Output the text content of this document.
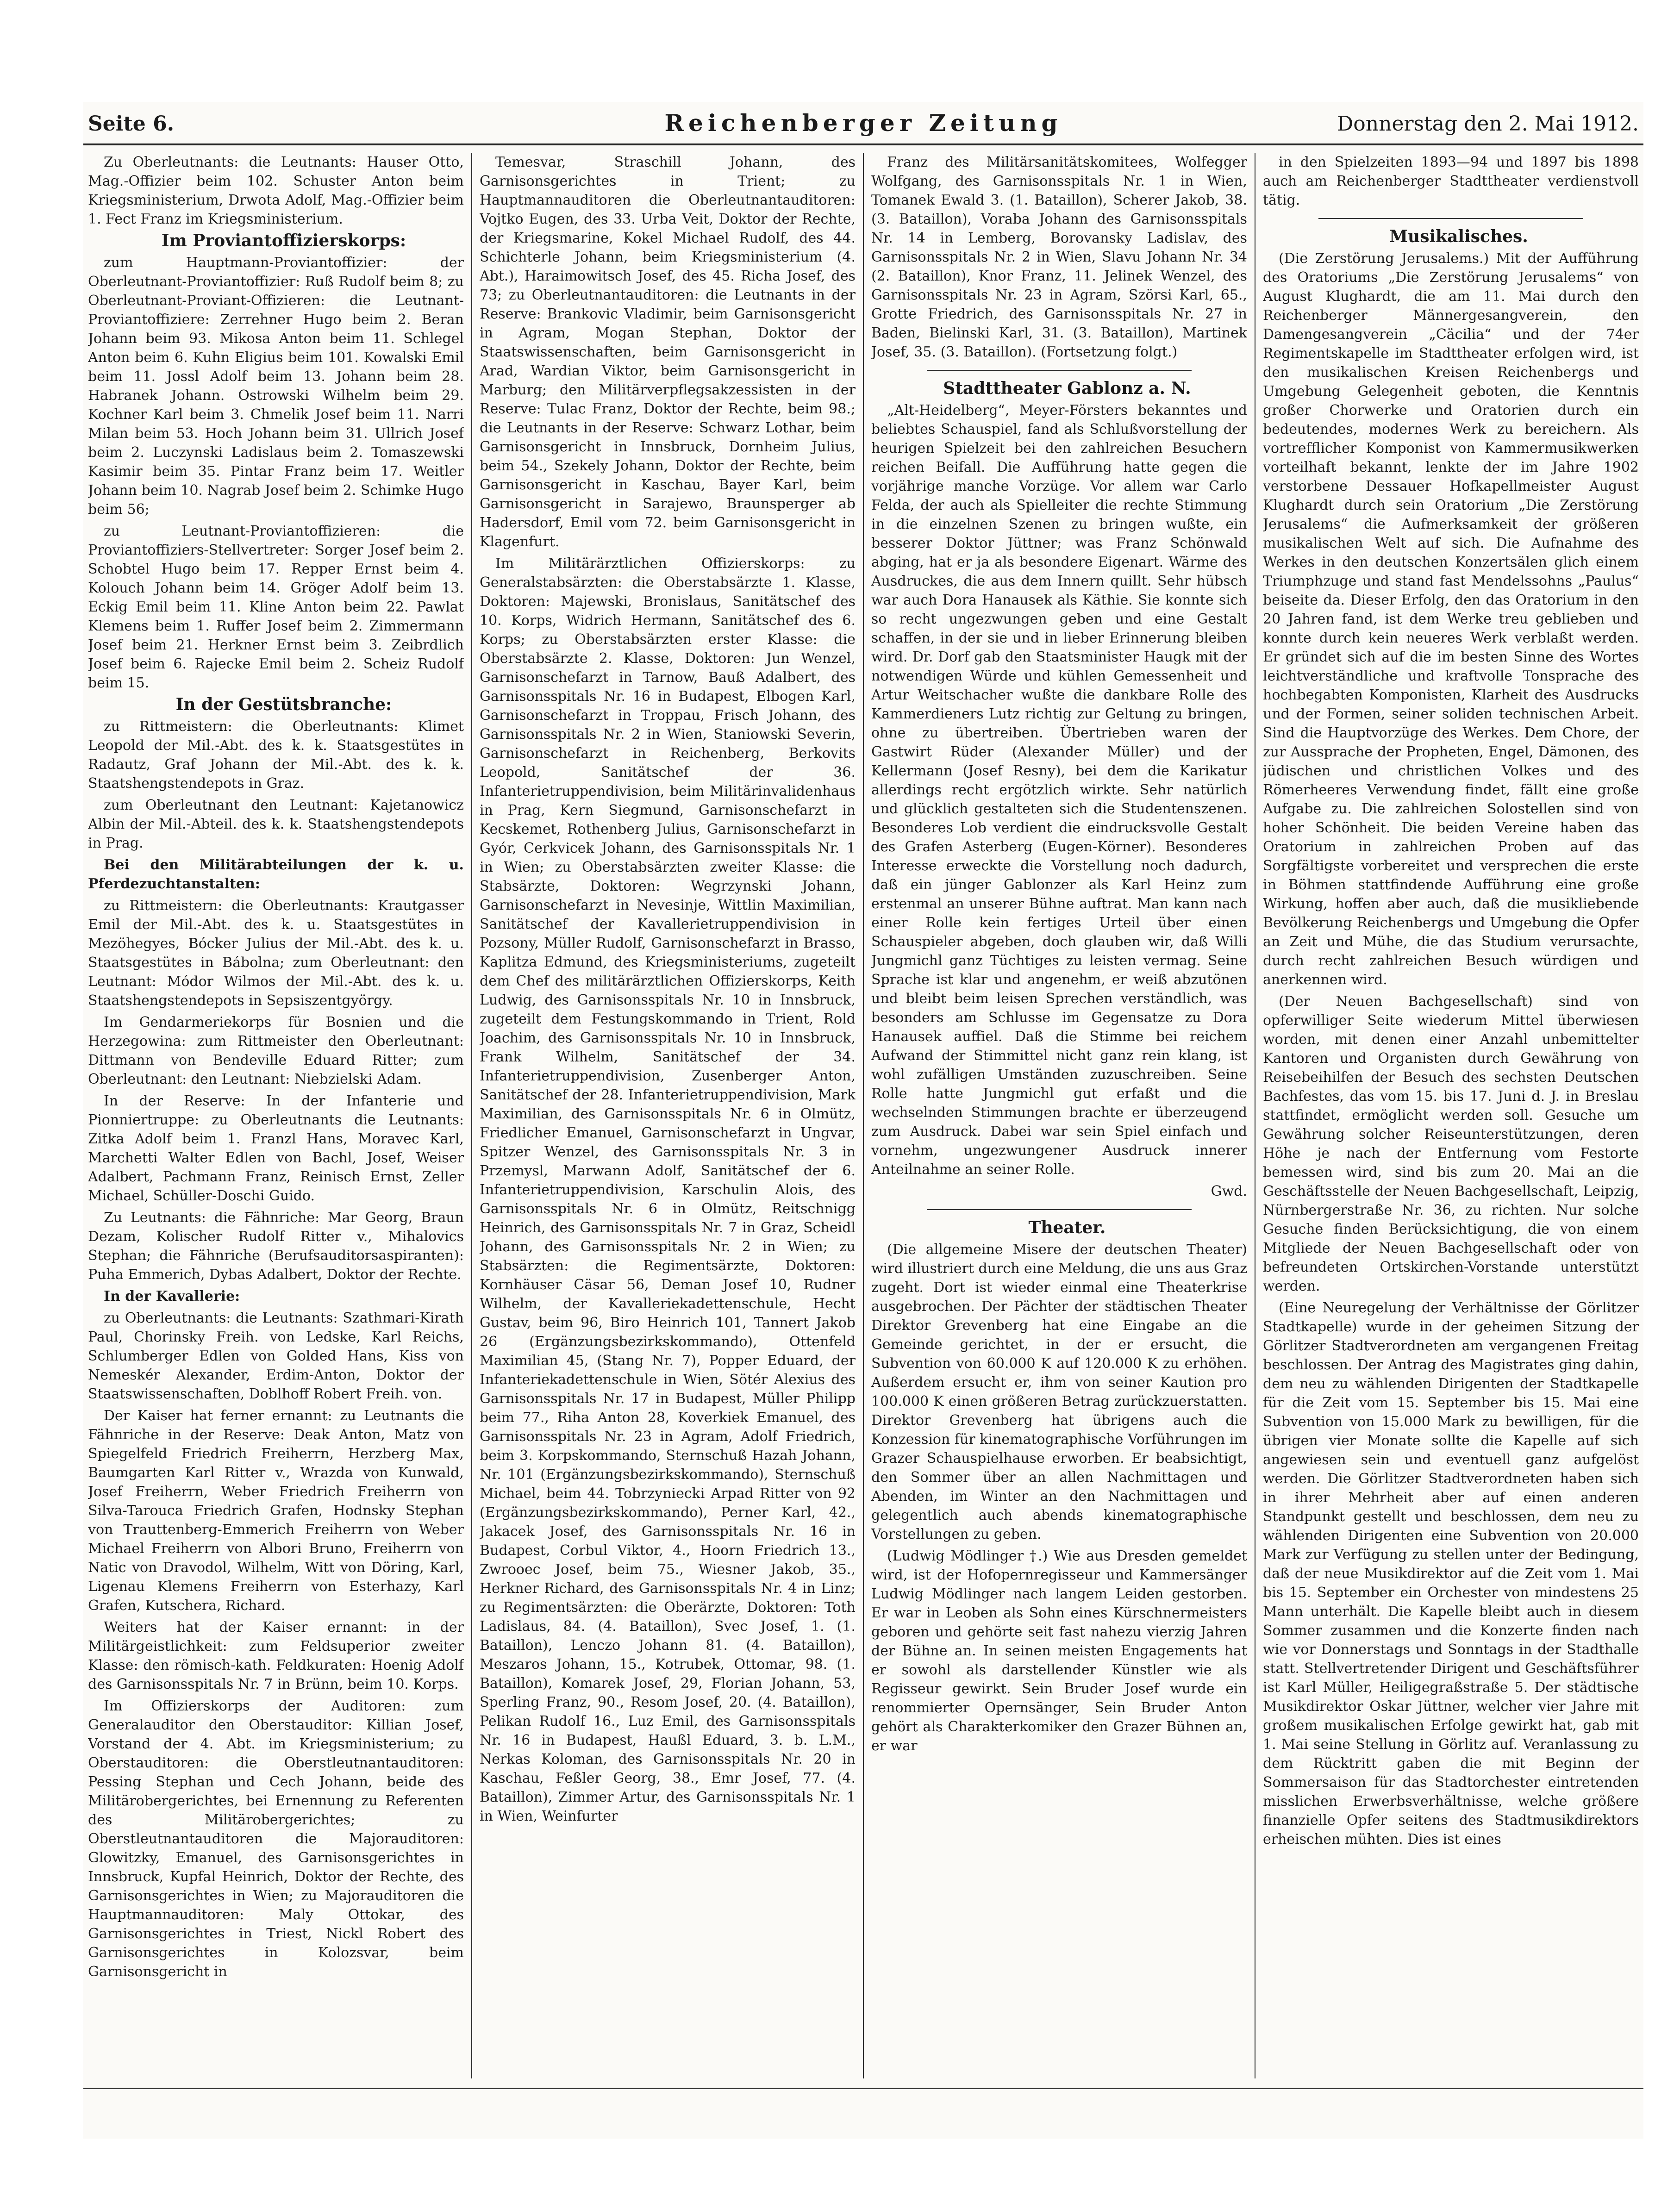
Seite 6.	Reichenberger Zeitung	Donnerstag den 2. Mai 1912.

Zu Oberleutnants: die Leutnants: Hauser Otto, Mag.-Offizier beim 102. Schuster Anton beim Kriegsministerium, Drwota Adolf, Mag.-Offizier beim 1. Fect Franz im Kriegsministerium.

Im Proviantoffizierskorps:

zum Hauptmann-Proviantoffizier: der Oberleutnant-Proviantoffizier: Ruß Rudolf beim 8; zu Oberleutnant-Proviant-Offizieren: die Leutnant-Proviantoffiziere: Zerrehner Hugo beim 2. Beran Johann beim 93. Mikosa Anton beim 11. Schlegel Anton beim 6. Kuhn Eligius beim 101. Kowalski Emil beim 11. Jossl Adolf beim 13. Johann beim 28. Habranek Johann. Ostrowski Wilhelm beim 29. Kochner Karl beim 3. Chmelik Josef beim 11. Narri Milan beim 53. Hoch Johann beim 31. Ullrich Josef beim 2. Luczynski Ladislaus beim 2. Tomaszewski Kasimir beim 35. Pintar Franz beim 17. Weitler Johann beim 10. Nagrab Josef beim 2. Schimke Hugo beim 56;

zu Leutnant-Proviantoffizieren: die Proviantoffiziers-Stellvertreter: Sorger Josef beim 2. Schobtel Hugo beim 17. Repper Ernst beim 4. Kolouch Johann beim 14. Gröger Adolf beim 13. Eckig Emil beim 11. Kline Anton beim 22. Pawlat Klemens beim 1. Ruffer Josef beim 2. Zimmermann Josef beim 21. Herkner Ernst beim 3. Zeibrdlich Josef beim 6. Rajecke Emil beim 2. Scheiz Rudolf beim 15.

In der Gestütsbranche:

zu Rittmeistern: die Oberleutnants: Klimet Leopold der Mil.-Abt. des k. k. Staatsgestütes in Radautz, Graf Johann der Mil.-Abt. des k. k. Staatshengstendepots in Graz.

zum Oberleutnant den Leutnant: Kajetanowicz Albin der Mil.-Abteil. des k. k. Staatshengstendepots in Prag.

Bei den Militärabteilungen der k. u. Pferdezuchtanstalten:

zu Rittmeistern: die Oberleutnants: Krautgasser Emil der Mil.-Abt. des k. u. Staatsgestütes in Mezöhegyes, Bócker Julius der Mil.-Abt. des k. u. Staatsgestütes in Bábolna; zum Oberleutnant: den Leutnant: Módor Wilmos der Mil.-Abt. des k. u. Staatshengstendepots in Sepsiszentgyörgy.

Im Gendarmeriekorps für Bosnien und die Herzegowina: zum Rittmeister den Oberleutnant: Dittmann von Bendeville Eduard Ritter; zum Oberleutnant: den Leutnant: Niebzielski Adam.

In der Reserve: In der Infanterie und Pionniertruppe: zu Oberleutnants die Leutnants: Zitka Adolf beim 1. Franzl Hans, Moravec Karl, Marchetti Walter Edlen von Bachl, Josef, Weiser Adalbert, Pachmann Franz, Reinisch Ernst, Zeller Michael, Schüller-Doschi Guido.

Zu Leutnants: die Fähnriche: Mar Georg, Braun Dezam, Kolischer Rudolf Ritter v., Mihalovics Stephan; die Fähnriche (Berufsauditorsaspiranten): Puha Emmerich, Dybas Adalbert, Doktor der Rechte.

In der Kavallerie:

zu Oberleutnants: die Leutnants: Szathmari-Kirath Paul, Chorinsky Freih. von Ledske, Karl Reichs, Schlumberger Edlen von Golded Hans, Kiss von Nemeskér Alexander, Erdim-Anton, Doktor der Staatswissenschaften, Doblhoff Robert Freih. von.

Der Kaiser hat ferner ernannt: zu Leutnants die Fähnriche in der Reserve: Deak Anton, Matz von Spiegelfeld Friedrich Freiherrn, Herzberg Max, Baumgarten Karl Ritter v., Wrazda von Kunwald, Josef Freiherrn, Weber Friedrich Freiherrn von Silva-Tarouca Friedrich Grafen, Hodnsky Stephan von Trauttenberg-Emmerich Freiherrn von Weber Michael Freiherrn von Albori Bruno, Freiherrn von Natic von Dravodol, Wilhelm, Witt von Döring, Karl, Ligenau Klemens Freiherrn von Esterhazy, Karl Grafen, Kutschera, Richard.

Weiters hat der Kaiser ernannt: in der Militärgeistlichkeit: zum Feldsuperior zweiter Klasse: den römisch-kath. Feldkuraten: Hoenig Adolf des Garnisonsspitals Nr. 7 in Brünn, beim 10. Korps.

Im Offizierskorps der Auditoren: zum Generalauditor den Oberstauditor: Killian Josef, Vorstand der 4. Abt. im Kriegsministerium; zu Oberstauditoren: die Oberstleutnantauditoren: Pessing Stephan und Cech Johann, beide des Militärobergerichtes, bei Ernennung zu Referenten des Militärobergerichtes; zu Oberstleutnantauditoren die Majorauditoren: Glowitzky, Emanuel, des Garnisonsgerichtes in Innsbruck, Kupfal Heinrich, Doktor der Rechte, des Garnisonsgerichtes in Wien; zu Majorauditoren die Hauptmannauditoren: Maly Ottokar, des Garnisonsgerichtes in Triest, Nickl Robert des Garnisonsgerichtes in Kolozsvar, beim Garnisonsgericht in

Temesvar, Straschill Johann, des Garnisonsgerichtes in Trient; zu Hauptmannauditoren die Oberleutnantauditoren: Vojtko Eugen, des 33. Urba Veit, Doktor der Rechte, der Kriegsmarine, Kokel Michael Rudolf, des 44. Schichterle Johann, beim Kriegsministerium (4. Abt.), Haraimowitsch Josef, des 45. Richa Josef, des 73; zu Oberleutnantauditoren: die Leutnants in der Reserve: Brankovic Vladimir, beim Garnisonsgericht in Agram, Mogan Stephan, Doktor der Staatswissenschaften, beim Garnisonsgericht in Arad, Wardian Viktor, beim Garnisonsgericht in Marburg; den Militärverpflegsakzessisten in der Reserve: Tulac Franz, Doktor der Rechte, beim 98.; die Leutnants in der Reserve: Schwarz Lothar, beim Garnisonsgericht in Innsbruck, Dornheim Julius, beim 54., Szekely Johann, Doktor der Rechte, beim Garnisonsgericht in Kaschau, Bayer Karl, beim Garnisonsgericht in Sarajewo, Braunsperger ab Hadersdorf, Emil vom 72. beim Garnisonsgericht in Klagenfurt.

Im Militärärztlichen Offizierskorps: zu Generalstabsärzten: die Oberstabsärzte 1. Klasse, Doktoren: Majewski, Bronislaus, Sanitätschef des 10. Korps, Widrich Hermann, Sanitätschef des 6. Korps; zu Oberstabsärzten erster Klasse: die Oberstabsärzte 2. Klasse, Doktoren: Jun Wenzel, Garnisonschefarzt in Tarnow, Bauß Adalbert, des Garnisonsspitals Nr. 16 in Budapest, Elbogen Karl, Garnisonschefarzt in Troppau, Frisch Johann, des Garnisonsspitals Nr. 2 in Wien, Staniowski Severin, Garnisonschefarzt in Reichenberg, Berkovits Leopold, Sanitätschef der 36. Infanterietruppendivision, beim Militärinvalidenhaus in Prag, Kern Siegmund, Garnisonschefarzt in Kecskemet, Rothenberg Julius, Garnisonschefarzt in Gyór, Cerkvicek Johann, des Garnisonsspitals Nr. 1 in Wien; zu Oberstabsärzten zweiter Klasse: die Stabsärzte, Doktoren: Wegrzynski Johann, Garnisonschefarzt in Nevesinje, Wittlin Maximilian, Sanitätschef der Kavallerietruppendivision in Pozsony, Müller Rudolf, Garnisonschefarzt in Brasso, Kaplitza Edmund, des Kriegsministeriums, zugeteilt dem Chef des militärärztlichen Offizierskorps, Keith Ludwig, des Garnisonsspitals Nr. 10 in Innsbruck, zugeteilt dem Festungskommando in Trient, Rold Joachim, des Garnisonsspitals Nr. 10 in Innsbruck, Frank Wilhelm, Sanitätschef der 34. Infanterietruppendivision, Zusenberger Anton, Sanitätschef der 28. Infanterietruppendivision, Mark Maximilian, des Garnisonsspitals Nr. 6 in Olmütz, Friedlicher Emanuel, Garnisonschefarzt in Ungvar, Spitzer Wenzel, des Garnisonsspitals Nr. 3 in Przemysl, Marwann Adolf, Sanitätschef der 6. Infanterietruppendivision, Karschulin Alois, des Garnisonsspitals Nr. 6 in Olmütz, Reitschnigg Heinrich, des Garnisonsspitals Nr. 7 in Graz, Scheidl Johann, des Garnisonsspitals Nr. 2 in Wien; zu Stabsärzten: die Regimentsärzte, Doktoren: Kornhäuser Cäsar 56, Deman Josef 10, Rudner Wilhelm, der Kavalleriekadettenschule, Hecht Gustav, beim 96, Biro Heinrich 101, Tannert Jakob 26 (Ergänzungsbezirkskommando), Ottenfeld Maximilian 45, (Stang Nr. 7), Popper Eduard, der Infanteriekadettenschule in Wien, Sötér Alexius des Garnisonsspitals Nr. 17 in Budapest, Müller Philipp beim 77., Riha Anton 28, Koverkiek Emanuel, des Garnisonsspitals Nr. 23 in Agram, Adolf Friedrich, beim 3. Korpskommando, Sternschuß Hazah Johann, Nr. 101 (Ergänzungsbezirkskommando), Sternschuß Michael, beim 44. Tobrzyniecki Arpad Ritter von 92 (Ergänzungsbezirkskommando), Perner Karl, 42., Jakacek Josef, des Garnisonsspitals Nr. 16 in Budapest, Corbul Viktor, 4., Hoorn Friedrich 13., Zwrooec Josef, beim 75., Wiesner Jakob, 35., Herkner Richard, des Garnisonsspitals Nr. 4 in Linz; zu Regimentsärzten: die Oberärzte, Doktoren: Toth Ladislaus, 84. (4. Bataillon), Svec Josef, 1. (1. Bataillon), Lenczo Johann 81. (4. Bataillon), Meszaros Johann, 15., Kotrubek, Ottomar, 98. (1. Bataillon), Komarek Josef, 29, Florian Johann, 53, Sperling Franz, 90., Resom Josef, 20. (4. Bataillon), Pelikan Rudolf 16., Luz Emil, des Garnisonsspitals Nr. 16 in Budapest, Haußl Eduard, 3. b. L.M., Nerkas Koloman, des Garnisonsspitals Nr. 20 in Kaschau, Feßler Georg, 38., Emr Josef, 77. (4. Bataillon), Zimmer Artur, des Garnisonsspitals Nr. 1 in Wien, Weinfurter

Franz des Militärsanitätskomitees, Wolfegger Wolfgang, des Garnisonsspitals Nr. 1 in Wien, Tomanek Ewald 3. (1. Bataillon), Scherer Jakob, 38. (3. Bataillon), Voraba Johann des Garnisonsspitals Nr. 14 in Lemberg, Borovansky Ladislav, des Garnisonsspitals Nr. 2 in Wien, Slavu Johann Nr. 34 (2. Bataillon), Knor Franz, 11. Jelinek Wenzel, des Garnisonsspitals Nr. 23 in Agram, Szörsi Karl, 65., Grotte Friedrich, des Garnisonsspitals Nr. 27 in Baden, Bielinski Karl, 31. (3. Bataillon), Martinek Josef, 35. (3. Bataillon). (Fortsetzung folgt.)

Stadttheater Gablonz a. N.

„Alt-Heidelberg“, Meyer-Försters bekanntes und beliebtes Schauspiel, fand als Schlußvorstellung der heurigen Spielzeit bei den zahlreichen Besuchern reichen Beifall. Die Aufführung hatte gegen die vorjährige manche Vorzüge. Vor allem war Carlo Felda, der auch als Spielleiter die rechte Stimmung in die einzelnen Szenen zu bringen wußte, ein besserer Doktor Jüttner; was Franz Schönwald abging, hat er ja als besondere Eigenart. Wärme des Ausdruckes, die aus dem Innern quillt. Sehr hübsch war auch Dora Hanausek als Käthie. Sie konnte sich so recht ungezwungen geben und eine Gestalt schaffen, in der sie und in lieber Erinnerung bleiben wird. Dr. Dorf gab den Staatsminister Haugk mit der notwendigen Würde und kühlen Gemessenheit und Artur Weitschacher wußte die dankbare Rolle des Kammerdieners Lutz richtig zur Geltung zu bringen, ohne zu übertreiben. Übertrieben waren der Gastwirt Rüder (Alexander Müller) und der Kellermann (Josef Resny), bei dem die Karikatur allerdings recht ergötzlich wirkte. Sehr natürlich und glücklich gestalteten sich die Studentenszenen. Besonderes Lob verdient die eindrucksvolle Gestalt des Grafen Asterberg (Eugen-Körner). Besonderes Interesse erweckte die Vorstellung noch dadurch, daß ein jünger Gablonzer als Karl Heinz zum erstenmal an unserer Bühne auftrat. Man kann nach einer Rolle kein fertiges Urteil über einen Schauspieler abgeben, doch glauben wir, daß Willi Jungmichl ganz Tüchtiges zu leisten vermag. Seine Sprache ist klar und angenehm, er weiß abzutönen und bleibt beim leisen Sprechen verständlich, was besonders am Schlusse im Gegensatze zu Dora Hanausek auffiel. Daß die Stimme bei reichem Aufwand der Stimmittel nicht ganz rein klang, ist wohl zufälligen Umständen zuzuschreiben. Seine Rolle hatte Jungmichl gut erfaßt und die wechselnden Stimmungen brachte er überzeugend zum Ausdruck. Dabei war sein Spiel einfach und vornehm, ungezwungener Ausdruck innerer Anteilnahme an seiner Rolle.

Gwd.

Theater.

(Die allgemeine Misere der deutschen Theater) wird illustriert durch eine Meldung, die uns aus Graz zugeht. Dort ist wieder einmal eine Theaterkrise ausgebrochen. Der Pächter der städtischen Theater Direktor Grevenberg hat eine Eingabe an die Gemeinde gerichtet, in der er ersucht, die Subvention von 60.000 K auf 120.000 K zu erhöhen. Außerdem ersucht er, ihm von seiner Kaution pro 100.000 K einen größeren Betrag zurückzuerstatten. Direktor Grevenberg hat übrigens auch die Konzession für kinematographische Vorführungen im Grazer Schauspielhause erworben. Er beabsichtigt, den Sommer über an allen Nachmittagen und Abenden, im Winter an den Nachmittagen und gelegentlich auch abends kinematographische Vorstellungen zu geben.

(Ludwig Mödlinger †.) Wie aus Dresden gemeldet wird, ist der Hofopernregisseur und Kammersänger Ludwig Mödlinger nach langem Leiden gestorben. Er war in Leoben als Sohn eines Kürschnermeisters geboren und gehörte seit fast nahezu vierzig Jahren der Bühne an. In seinen meisten Engagements hat er sowohl als darstellender Künstler wie als Regisseur gewirkt. Sein Bruder Josef wurde ein renommierter Opernsänger, Sein Bruder Anton gehört als Charakterkomiker den Grazer Bühnen an, er war

in den Spielzeiten 1893—94 und 1897 bis 1898 auch am Reichenberger Stadttheater verdienstvoll tätig.

Musikalisches.

(Die Zerstörung Jerusalems.) Mit der Aufführung des Oratoriums „Die Zerstörung Jerusalems“ von August Klughardt, die am 11. Mai durch den Reichenberger Männergesangverein, den Damengesangverein „Cäcilia“ und der 74er Regimentskapelle im Stadttheater erfolgen wird, ist den musikalischen Kreisen Reichenbergs und Umgebung Gelegenheit geboten, die Kenntnis großer Chorwerke und Oratorien durch ein bedeutendes, modernes Werk zu bereichern. Als vortrefflicher Komponist von Kammermusikwerken vorteilhaft bekannt, lenkte der im Jahre 1902 verstorbene Dessauer Hofkapellmeister August Klughardt durch sein Oratorium „Die Zerstörung Jerusalems“ die Aufmerksamkeit der größeren musikalischen Welt auf sich. Die Aufnahme des Werkes in den deutschen Konzertsälen glich einem Triumphzuge und stand fast Mendelssohns „Paulus“ beiseite da. Dieser Erfolg, den das Oratorium in den 20 Jahren fand, ist dem Werke treu geblieben und konnte durch kein neueres Werk verblaßt werden. Er gründet sich auf die im besten Sinne des Wortes leichtverständliche und kraftvolle Tonsprache des hochbegabten Komponisten, Klarheit des Ausdrucks und der Formen, seiner soliden technischen Arbeit. Sind die Hauptvorzüge des Werkes. Dem Chore, der zur Aussprache der Propheten, Engel, Dämonen, des jüdischen und christlichen Volkes und des Römerheeres Verwendung findet, fällt eine große Aufgabe zu. Die zahlreichen Solostellen sind von hoher Schönheit. Die beiden Vereine haben das Oratorium in zahlreichen Proben auf das Sorgfältigste vorbereitet und versprechen die erste in Böhmen stattfindende Aufführung eine große Wirkung, hoffen aber auch, daß die musikliebende Bevölkerung Reichenbergs und Umgebung die Opfer an Zeit und Mühe, die das Studium verursachte, durch recht zahlreichen Besuch würdigen und anerkennen wird.

(Der Neuen Bachgesellschaft) sind von opferwilliger Seite wiederum Mittel überwiesen worden, mit denen einer Anzahl unbemittelter Kantoren und Organisten durch Gewährung von Reisebeihilfen der Besuch des sechsten Deutschen Bachfestes, das vom 15. bis 17. Juni d. J. in Breslau stattfindet, ermöglicht werden soll. Gesuche um Gewährung solcher Reiseunterstützungen, deren Höhe je nach der Entfernung vom Festorte bemessen wird, sind bis zum 20. Mai an die Geschäftsstelle der Neuen Bachgesellschaft, Leipzig, Nürnbergerstraße Nr. 36, zu richten. Nur solche Gesuche finden Berücksichtigung, die von einem Mitgliede der Neuen Bachgesellschaft oder von befreundeten Ortskirchen-Vorstande unterstützt werden.

(Eine Neuregelung der Verhältnisse der Görlitzer Stadtkapelle) wurde in der geheimen Sitzung der Görlitzer Stadtverordneten am vergangenen Freitag beschlossen. Der Antrag des Magistrates ging dahin, dem neu zu wählenden Dirigenten der Stadtkapelle für die Zeit vom 15. September bis 15. Mai eine Subvention von 15.000 Mark zu bewilligen, für die übrigen vier Monate sollte die Kapelle auf sich angewiesen sein und eventuell ganz aufgelöst werden. Die Görlitzer Stadtverordneten haben sich in ihrer Mehrheit aber auf einen anderen Standpunkt gestellt und beschlossen, dem neu zu wählenden Dirigenten eine Subvention von 20.000 Mark zur Verfügung zu stellen unter der Bedingung, daß der neue Musikdirektor auf die Zeit vom 1. Mai bis 15. September ein Orchester von mindestens 25 Mann unterhält. Die Kapelle bleibt auch in diesem Sommer zusammen und die Konzerte finden nach wie vor Donnerstags und Sonntags in der Stadthalle statt. Stellvertretender Dirigent und Geschäftsführer ist Karl Müller, Heiligegraßstraße 5. Der städtische Musikdirektor Oskar Jüttner, welcher vier Jahre mit großem musikalischen Erfolge gewirkt hat, gab mit 1. Mai seine Stellung in Görlitz auf. Veranlassung zu dem Rücktritt gaben die mit Beginn der Sommersaison für das Stadtorchester eintretenden misslichen Erwerbsverhältnisse, welche größere finanzielle Opfer seitens des Stadtmusikdirektors erheischen mühten. Dies ist eines
